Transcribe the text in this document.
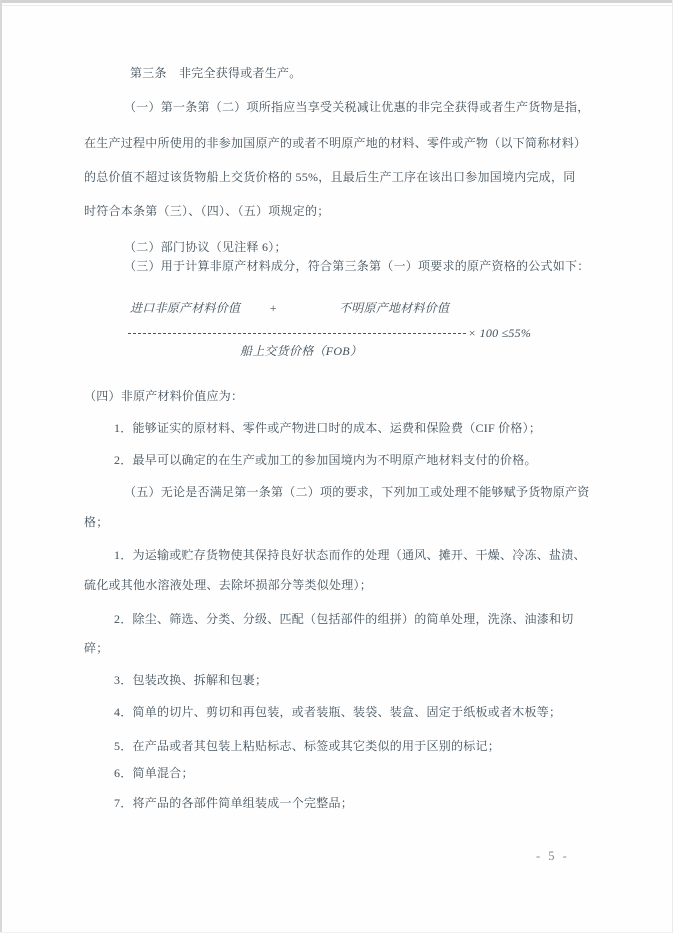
第三条　非完全获得或者生产。
（一）第一条第（二）项所指应当享受关税减让优惠的非完全获得或者生产货物是指，
在生产过程中所使用的非参加国原产的或者不明原产地的材料、零件或产物（以下简称材料）
的总价值不超过该货物船上交货价格的 55%，且最后生产工序在该出口参加国境内完成，同
时符合本条第（三）、（四）、（五）项规定的；
（二）部门协议（见注释 6）；
（三）用于计算非原产材料成分，符合第三条第（一）项要求的原产资格的公式如下：
进口非原产材料价值 +	不明原产地材料价值
× 100 ≤55%
船上交货价格（FOB）
（四）非原产材料价值应为：
1．能够证实的原材料、零件或产物进口时的成本、运费和保险费（CIF 价格）；
2．最早可以确定的在生产或加工的参加国境内为不明原产地材料支付的价格。
（五）无论是否满足第一条第（二）项的要求，下列加工或处理不能够赋予货物原产资
格；
1．为运输或贮存货物使其保持良好状态而作的处理（通风、摊开、干燥、冷冻、盐渍、
硫化或其他水溶液处理、去除坏损部分等类似处理）；
2．除尘、筛选、分类、分级、匹配（包括部件的组拼）的简单处理，洗涤、油漆和切
碎；
3．包装改换、拆解和包裹；
4．简单的切片、剪切和再包装，或者装瓶、装袋、装盒、固定于纸板或者木板等；
5．在产品或者其包装上粘贴标志、标签或其它类似的用于区别的标记；
6．简单混合；
7．将产品的各部件简单组装成一个完整品；
- 5 -
